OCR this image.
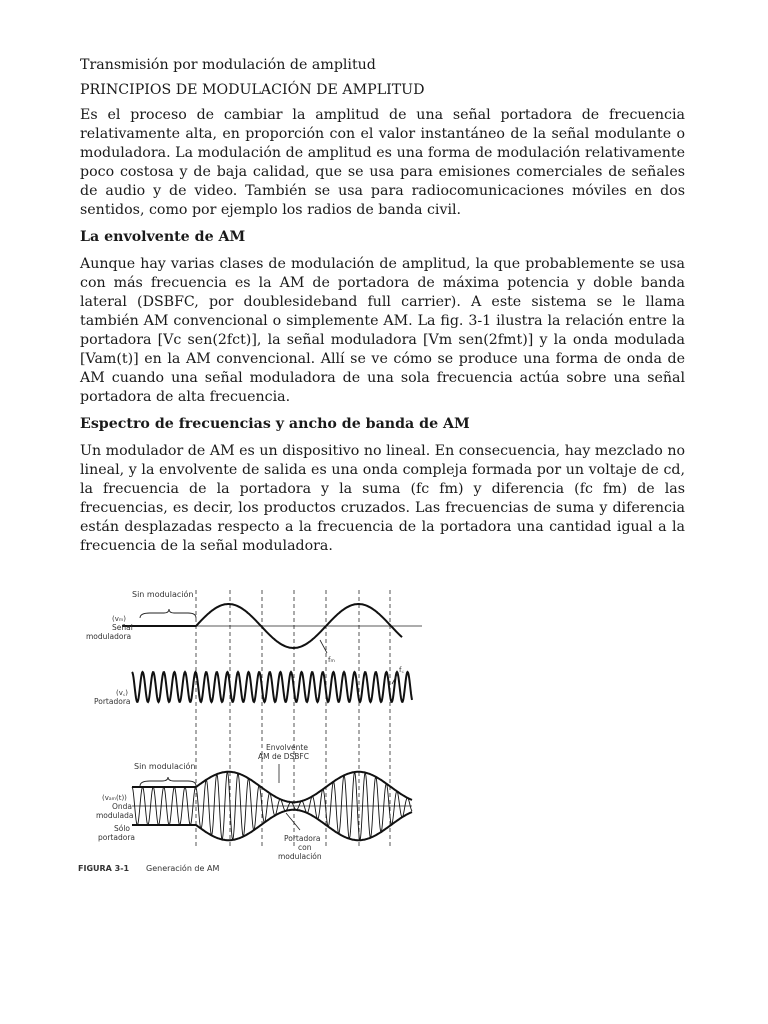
Transmisión por modulación de amplitud

PRINCIPIOS DE MODULACIÓN DE AMPLITUD

Es el proceso de cambiar la amplitud de una señal portadora de frecuencia relativamente alta, en proporción con el valor instantáneo de la señal modulante o moduladora. La modulación de amplitud es una forma de modulación relativamente poco costosa y de baja calidad, que se usa para emisiones comerciales de señales de audio y de video. También se usa para radiocomunicaciones móviles en dos sentidos, como por ejemplo los radios de banda civil.

La envolvente de AM

Aunque hay varias clases de modulación de amplitud, la que probablemente se usa con más frecuencia es la AM de portadora de máxima potencia y doble banda lateral (DSBFC, por doublesideband full carrier). A este sistema se le llama también AM convencional o simplemente AM. La fig. 3-1 ilustra la relación entre la portadora [Vc sen(2fct)], la señal moduladora [Vm sen(2fmt)] y la onda modulada [Vam(t)] en la AM convencional. Allí se ve cómo se produce una forma de onda de AM cuando una señal moduladora de una sola frecuencia actúa sobre una señal portadora de alta frecuencia.

Espectro de frecuencias y ancho de banda de AM

Un modulador de AM es un dispositivo no lineal. En consecuencia, hay mezclado no lineal, y la envolvente de salida es una onda compleja formada por un voltaje de cd, la frecuencia de la portadora y la suma (fc fm) y diferencia (fc fm) de las frecuencias, es decir, los productos cruzados. Las frecuencias de suma y diferencia están desplazadas respecto a la frecuencia de la portadora una cantidad igual a la frecuencia de la señal moduladora.

Sin modulación
(vₘ)
Señal
moduladora
fₘ
f꜀
(v꜀)
Portadora
Envolvente
AM de DSBFC
Sin modulación
(vₐₘ(t))
Onda
modulada
Sólo
portadora	Portadora
con
modulación
FIGURA 3-1 Generación de AM
